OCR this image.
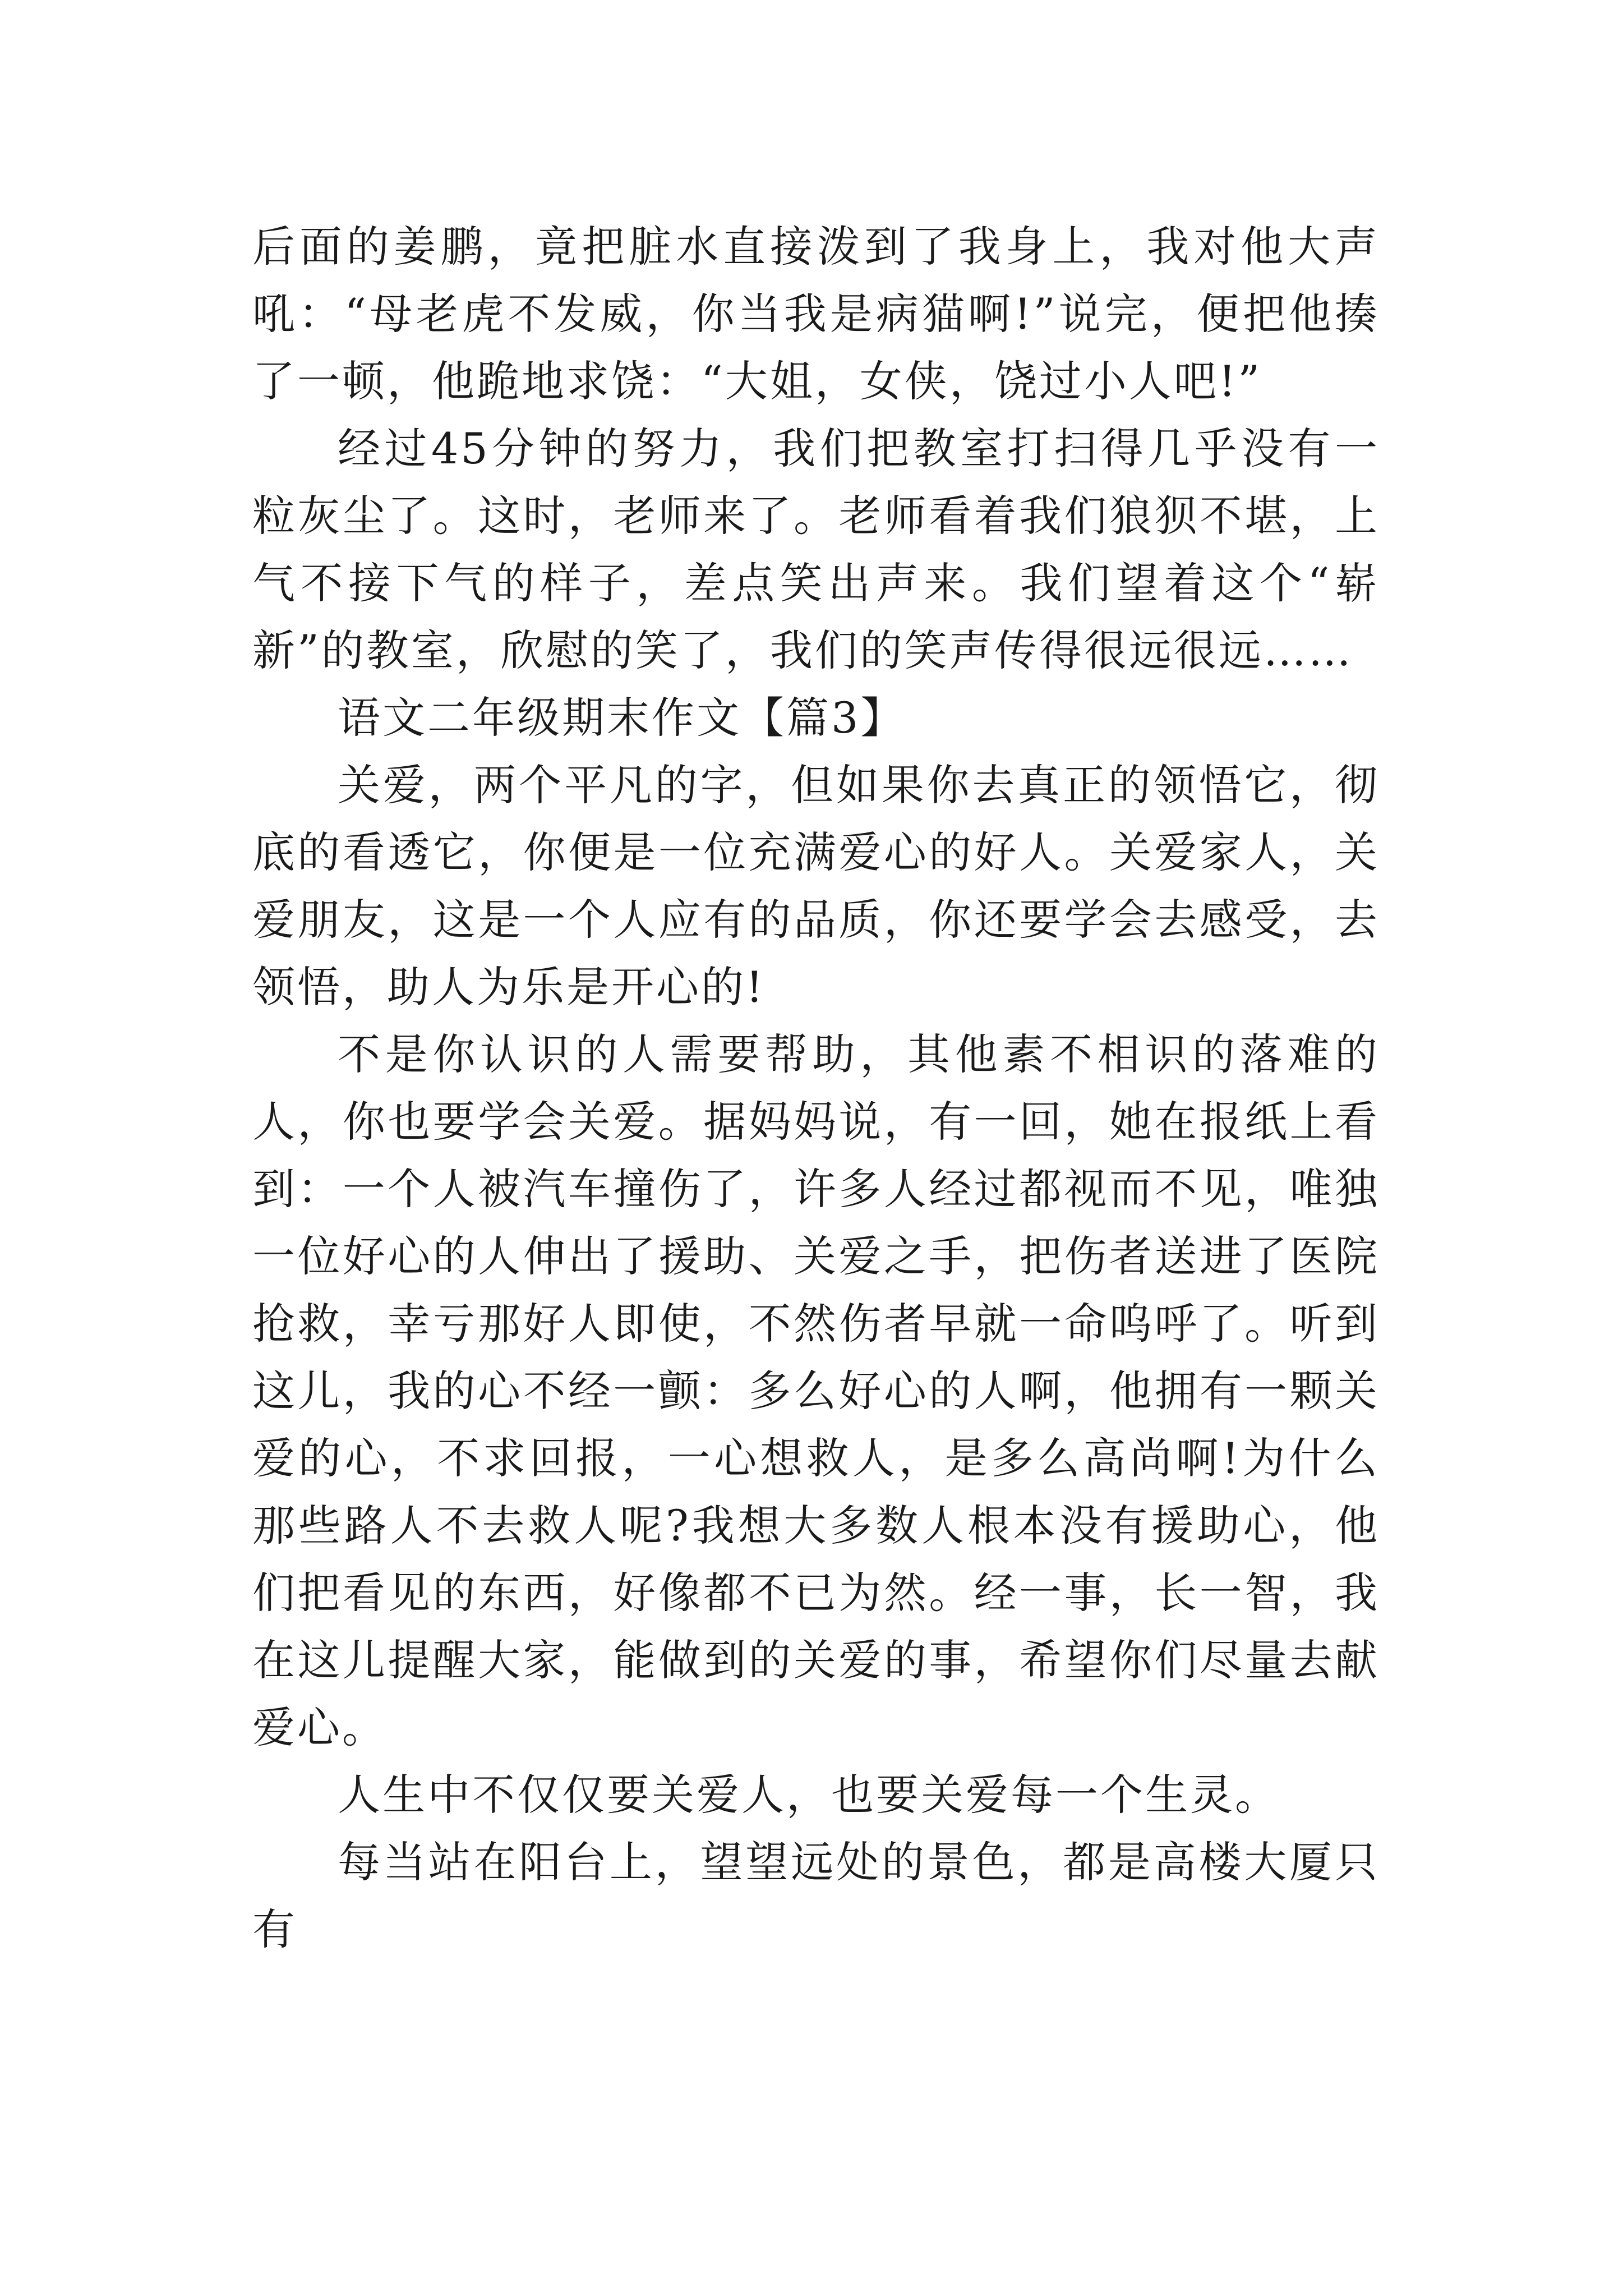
后面的姜鹏，竟把脏水直接泼到了我身上，我对他大声吼：“母老虎不发威，你当我是病猫啊!”说完，便把他揍了一顿，他跪地求饶：“大姐，女侠，饶过小人吧!”

经过45分钟的努力，我们把教室打扫得几乎没有一粒灰尘了。这时，老师来了。老师看着我们狼狈不堪，上气不接下气的样子，差点笑出声来。我们望着这个“崭新”的教室，欣慰的笑了，我们的笑声传得很远很远……

语文二年级期末作文【篇3】

关爱，两个平凡的字，但如果你去真正的领悟它，彻底的看透它，你便是一位充满爱心的好人。关爱家人，关爱朋友，这是一个人应有的品质，你还要学会去感受，去领悟，助人为乐是开心的!

不是你认识的人需要帮助，其他素不相识的落难的人，你也要学会关爱。据妈妈说，有一回，她在报纸上看到：一个人被汽车撞伤了，许多人经过都视而不见，唯独一位好心的人伸出了援助、关爱之手，把伤者送进了医院抢救，幸亏那好人即使，不然伤者早就一命呜呼了。听到这儿，我的心不经一颤：多么好心的人啊，他拥有一颗关爱的心，不求回报，一心想救人，是多么高尚啊!为什么那些路人不去救人呢?我想大多数人根本没有援助心，他们把看见的东西，好像都不已为然。经一事，长一智，我在这儿提醒大家，能做到的关爱的事，希望你们尽量去献爱心。

人生中不仅仅要关爱人，也要关爱每一个生灵。

每当站在阳台上，望望远处的景色，都是高楼大厦只有
